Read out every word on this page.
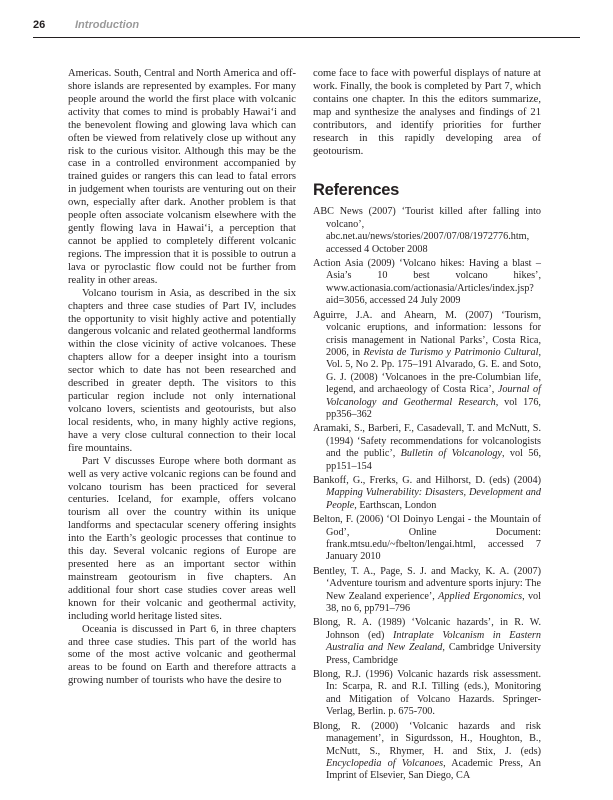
26	Introduction

Americas. South, Central and North America and off-shore islands are represented by examples. For many people around the world the first place with volcanic activity that comes to mind is probably Hawai‘i and the benevolent flowing and glowing lava which can often be viewed from relatively close up without any risk to the curious visitor. Although this may be the case in a controlled environment accompanied by trained guides or rangers this can lead to fatal errors in judgement when tourists are venturing out on their own, especially after dark. Another problem is that people often associate volcanism elsewhere with the gently flowing lava in Hawai‘i, a perception that cannot be applied to completely different volcanic regions. The impression that it is possible to outrun a lava or pyroclastic flow could not be further from reality in other areas.

Volcano tourism in Asia, as described in the six chapters and three case studies of Part IV, includes the opportunity to visit highly active and potentially dangerous volcanic and related geothermal landforms within the close vicinity of active volcanoes. These chapters allow for a deeper insight into a tourism sector which to date has not been researched and described in greater depth. The visitors to this particular region include not only international volcano lovers, scientists and geotourists, but also local residents, who, in many highly active regions, have a very close cultural connection to their local fire mountains.

Part V discusses Europe where both dormant as well as very active volcanic regions can be found and volcano tourism has been practiced for several centuries. Iceland, for example, offers volcano tourism all over the country within its unique landforms and spectacular scenery offering insights into the Earth’s geologic processes that continue to this day. Several volcanic regions of Europe are presented here as an important sector within mainstream geotourism in five chapters. An additional four short case studies cover areas well known for their volcanic and geothermal activity, including world heritage listed sites.

Oceania is discussed in Part 6, in three chapters and three case studies. This part of the world has some of the most active volcanic and geothermal areas to be found on Earth and therefore attracts a growing number of tourists who have the desire to

come face to face with powerful displays of nature at work. Finally, the book is completed by Part 7, which contains one chapter. In this the editors summarize, map and synthesize the analyses and findings of 21 contributors, and identify priorities for further research in this rapidly developing area of geotourism.

References

ABC News (2007) ‘Tourist killed after falling into volcano’, abc.net.au/news/stories/2007/07/08/1972776.htm, accessed 4 October 2008

Action Asia (2009) ‘Volcano hikes: Having a blast – Asia’s 10 best volcano hikes’, www.actionasia.com/actionasia/Articles/index.jsp?aid=3056, accessed 24 July 2009

Aguirre, J.A. and Ahearn, M. (2007) ‘Tourism, volcanic eruptions, and information: lessons for crisis management in National Parks’, Costa Rica, 2006, in Revista de Turismo y Patrimonio Cultural, Vol. 5, No 2. Pp. 175–191 Alvarado, G. E. and Soto, G. J. (2008) ‘Volcanoes in the pre-Columbian life, legend, and archaeology of Costa Rica’, Journal of Volcanology and Geothermal Research, vol 176, pp356–362

Aramaki, S., Barberi, F., Casadevall, T. and McNutt, S. (1994) ‘Safety recommendations for volcanologists and the public’, Bulletin of Volcanology, vol 56, pp151–154

Bankoff, G., Frerks, G. and Hilhorst, D. (eds) (2004) Mapping Vulnerability: Disasters, Development and People, Earthscan, London

Belton, F. (2006) ‘Ol Doinyo Lengai - the Mountain of God’, Online Document: frank.mtsu.edu/~fbelton/lengai.html, accessed 7 January 2010

Bentley, T. A., Page, S. J. and Macky, K. A. (2007) ‘Adventure tourism and adventure sports injury: The New Zealand experience’, Applied Ergonomics, vol 38, no 6, pp791–796

Blong, R. A. (1989) ‘Volcanic hazards’, in R. W. Johnson (ed) Intraplate Volcanism in Eastern Australia and New Zealand, Cambridge University Press, Cambridge

Blong, R.J. (1996) Volcanic hazards risk assessment. In: Scarpa, R. and R.I. Tilling (eds.), Monitoring and Mitigation of Volcano Hazards. Springer-Verlag, Berlin. p. 675-700.

Blong, R. (2000) ‘Volcanic hazards and risk management’, in Sigurdsson, H., Houghton, B., McNutt, S., Rhymer, H. and Stix, J. (eds) Encyclopedia of Volcanoes, Academic Press, An Imprint of Elsevier, San Diego, CA
